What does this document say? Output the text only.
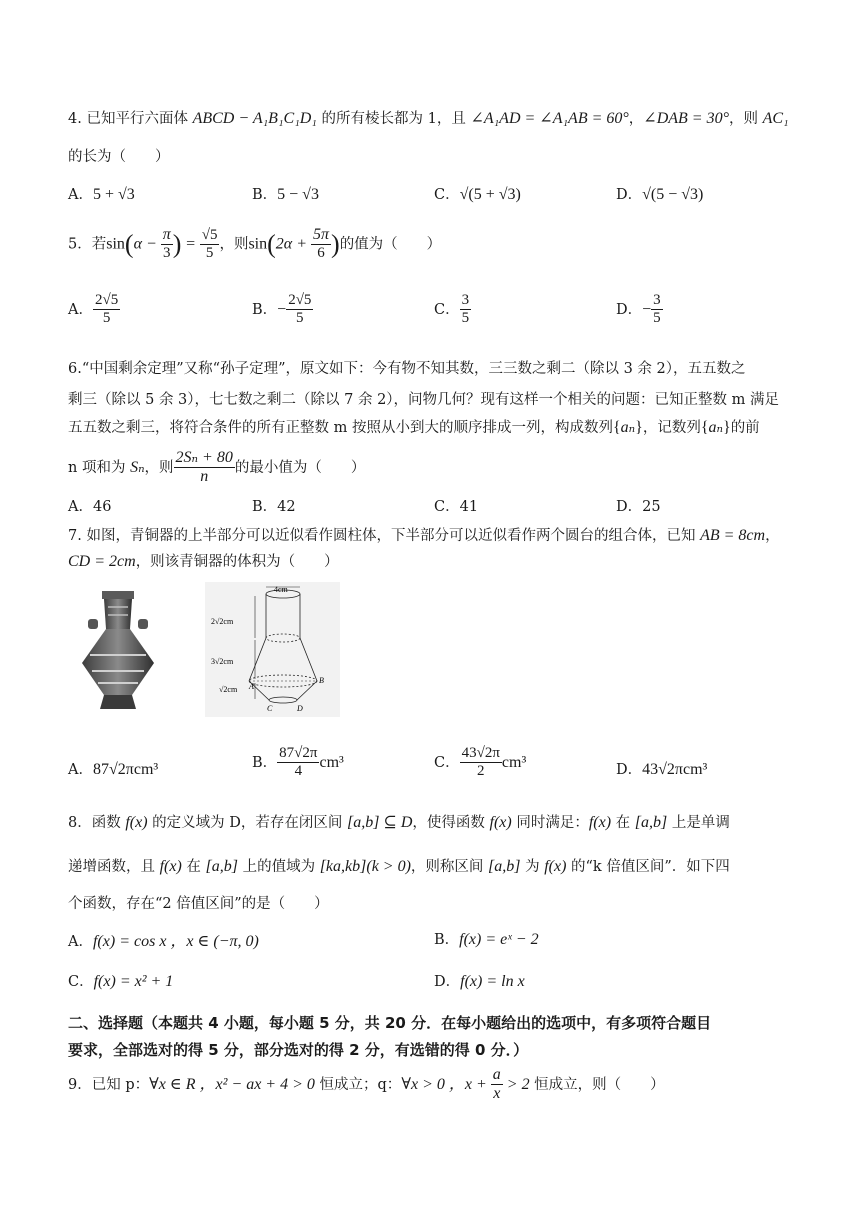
4. 已知平行六面体 ABCD − A₁B₁C₁D₁ 的所有棱长都为 1，且 ∠A₁AD = ∠A₁AB = 60°，∠DAB = 30°，则 AC₁
的长为（　　）
A．5 + √3	B．5 − √3	C．√(5 + √3)	D．√(5 − √3)
5．若$\sin(\alpha - \frac{\pi}{3}$ ) = $\frac{√5}{5}$ ，则$\sin(2\alpha + \frac{5\pi}{6}$ )的值为（　　）
A． $\frac{2√5}{5}$	B．− $\frac{2√5}{5}$	C． $\frac{3}{5}$	D．− $\frac{3}{5}$
6.“中国剩余定理”又称“孙子定理”，原文如下：今有物不知其数，三三数之剩二（除以 3 余 2），五五数之
剩三（除以 5 余 3），七七数之剩二（除以 7 余 2），问物几何？现有这样一个相关的问题：已知正整数 m 满足
五五数之剩三，将符合条件的所有正整数 m 按照从小到大的顺序排成一列，构成数列{aₙ}，记数列{aₙ}的前
n 项和为 Sₙ，则 $\frac{\text{2Sₙ + 80}}{n}$ 的最小值为（　　）
A．46	B．42	C．41	D．25
7. 如图，青铜器的上半部分可以近似看作圆柱体，下半部分可以近似看作两个圆台的组合体，已知 AB = 8cm，
CD = 2cm，则该青铜器的体积为（　　）
4cm
2√2cm
3√2cm
√2cm A
B
C	D
A．87√2πcm³	B． $\frac{87√2\pi}{4} cm^3$	C． $\frac{43√2\pi}{2} cm^3$	D．43√2πcm³
8．函数 f(x) 的定义域为 D，若存在闭区间 [a,b] ⊆ D，使得函数 f(x) 同时满足：f(x) 在 [a,b] 上是单调
递增函数，且 f(x) 在 [a,b] 上的值域为 [ka,kb](k > 0)，则称区间 [a,b] 为 f(x) 的“k 倍值区间”．如下四
个函数，存在“2 倍值区间”的是（　　）
A．f(x) = cos x ，x ∈ (−π, 0)	B．f(x) = eˣ − 2
C．f(x) = x² + 1	D．f(x) = ln x
二、选择题（本题共 4 小题，每小题 5 分，共 20 分．在每小题给出的选项中，有多项符合题目
要求，全部选对的得 5 分，部分选对的得 2 分，有选错的得 0 分．）
9．已知 p：∀x ∈ R ，x² − ax + 4 > 0 恒成立；q：∀x > 0 ，$x + \frac{a}{x} > 2$ 恒成立，则（　　）
